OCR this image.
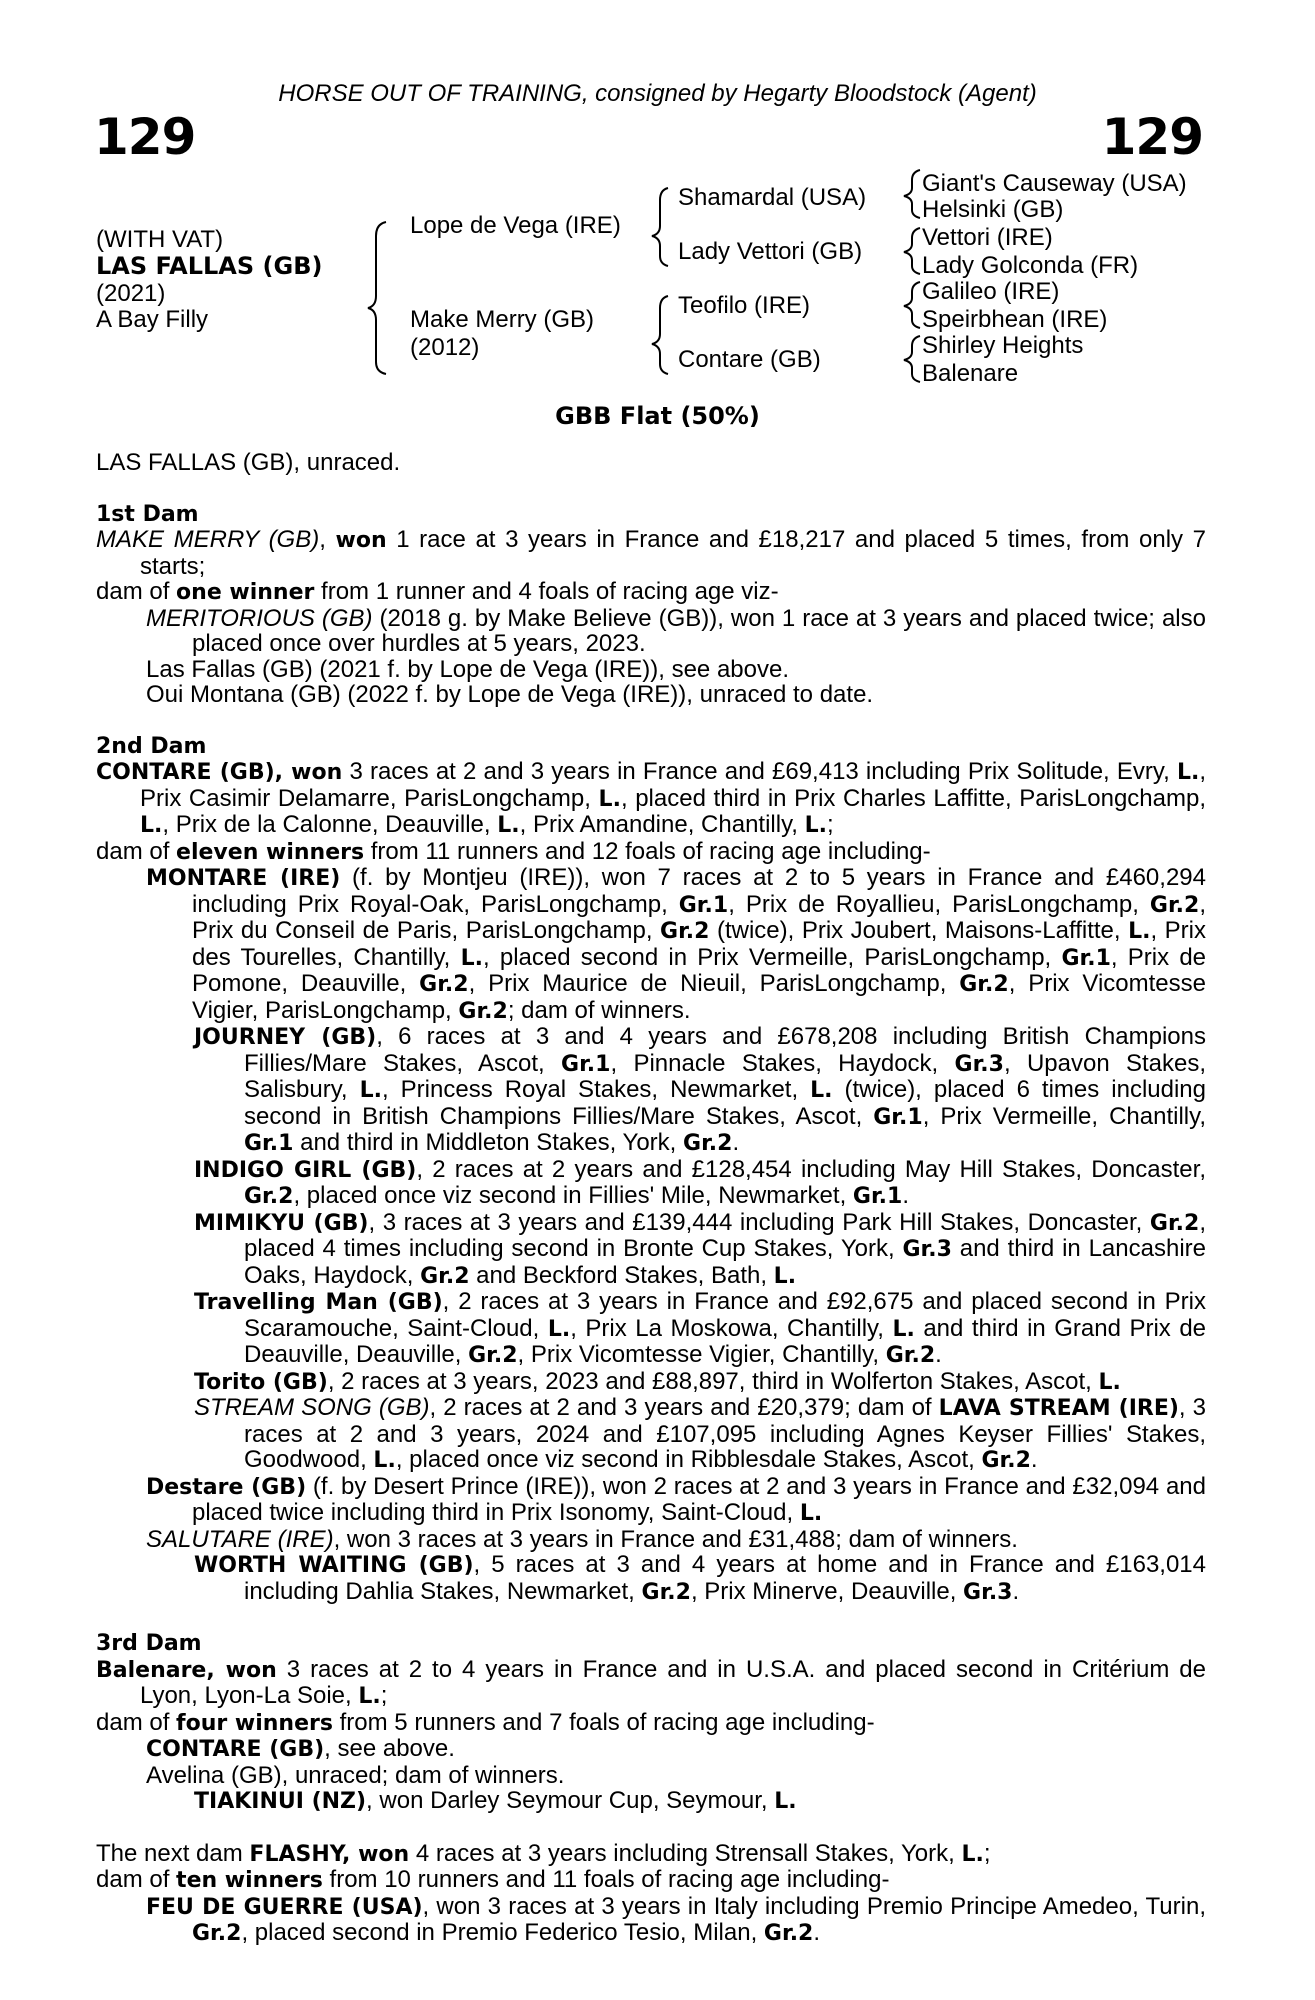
HORSE OUT OF TRAINING, consigned by Hegarty Bloodstock (Agent)
129	129
(WITH VAT)
LAS FALLAS (GB)
(2021)
A Bay Filly
Lope de Vega (IRE)
Make Merry (GB)
(2012)
Shamardal (USA)
Lady Vettori (GB)
Teofilo (IRE)
Contare (GB)
Giant's Causeway (USA)
Helsinki (GB)
Vettori (IRE)
Lady Golconda (FR)
Galileo (IRE)
Speirbhean (IRE)
Shirley Heights
Balenare
GBB Flat (50%)

LAS FALLAS (GB), unraced.

1st Dam

MAKE MERRY (GB), won 1 race at 3 years in France and £18,217 and placed 5 times, from only 7 starts;

dam of one winner from 1 runner and 4 foals of racing age viz-

MERITORIOUS (GB) (2018 g. by Make Believe (GB)), won 1 race at 3 years and placed twice; also placed once over hurdles at 5 years, 2023.

Las Fallas (GB) (2021 f. by Lope de Vega (IRE)), see above.

Oui Montana (GB) (2022 f. by Lope de Vega (IRE)), unraced to date.

2nd Dam

CONTARE (GB), won 3 races at 2 and 3 years in France and £69,413 including Prix Solitude, Evry, L., Prix Casimir Delamarre, ParisLongchamp, L., placed third in Prix Charles Laffitte, ParisLongchamp, L., Prix de la Calonne, Deauville, L., Prix Amandine, Chantilly, L.;

dam of eleven winners from 11 runners and 12 foals of racing age including-

MONTARE (IRE) (f. by Montjeu (IRE)), won 7 races at 2 to 5 years in France and £460,294 including Prix Royal-Oak, ParisLongchamp, Gr.1, Prix de Royallieu, ParisLongchamp, Gr.2, Prix du Conseil de Paris, ParisLongchamp, Gr.2 (twice), Prix Joubert, Maisons-Laffitte, L., Prix des Tourelles, Chantilly, L., placed second in Prix Vermeille, ParisLongchamp, Gr.1, Prix de Pomone, Deauville, Gr.2, Prix Maurice de Nieuil, ParisLongchamp, Gr.2, Prix Vicomtesse Vigier, ParisLongchamp, Gr.2; dam of winners.

JOURNEY (GB), 6 races at 3 and 4 years and £678,208 including British Champions Fillies/Mare Stakes, Ascot, Gr.1, Pinnacle Stakes, Haydock, Gr.3, Upavon Stakes, Salisbury, L., Princess Royal Stakes, Newmarket, L. (twice), placed 6 times including second in British Champions Fillies/Mare Stakes, Ascot, Gr.1, Prix Vermeille, Chantilly, Gr.1 and third in Middleton Stakes, York, Gr.2.

INDIGO GIRL (GB), 2 races at 2 years and £128,454 including May Hill Stakes, Doncaster, Gr.2, placed once viz second in Fillies' Mile, Newmarket, Gr.1.

MIMIKYU (GB), 3 races at 3 years and £139,444 including Park Hill Stakes, Doncaster, Gr.2, placed 4 times including second in Bronte Cup Stakes, York, Gr.3 and third in Lancashire Oaks, Haydock, Gr.2 and Beckford Stakes, Bath, L.

Travelling Man (GB), 2 races at 3 years in France and £92,675 and placed second in Prix Scaramouche, Saint-Cloud, L., Prix La Moskowa, Chantilly, L. and third in Grand Prix de Deauville, Deauville, Gr.2, Prix Vicomtesse Vigier, Chantilly, Gr.2.

Torito (GB), 2 races at 3 years, 2023 and £88,897, third in Wolferton Stakes, Ascot, L.

STREAM SONG (GB), 2 races at 2 and 3 years and £20,379; dam of LAVA STREAM (IRE), 3 races at 2 and 3 years, 2024 and £107,095 including Agnes Keyser Fillies' Stakes, Goodwood, L., placed once viz second in Ribblesdale Stakes, Ascot, Gr.2.

Destare (GB) (f. by Desert Prince (IRE)), won 2 races at 2 and 3 years in France and £32,094 and placed twice including third in Prix Isonomy, Saint-Cloud, L.

SALUTARE (IRE), won 3 races at 3 years in France and £31,488; dam of winners.

WORTH WAITING (GB), 5 races at 3 and 4 years at home and in France and £163,014 including Dahlia Stakes, Newmarket, Gr.2, Prix Minerve, Deauville, Gr.3.

3rd Dam

Balenare, won 3 races at 2 to 4 years in France and in U.S.A. and placed second in Critérium de Lyon, Lyon-La Soie, L.;

dam of four winners from 5 runners and 7 foals of racing age including-

CONTARE (GB), see above.

Avelina (GB), unraced; dam of winners.

TIAKINUI (NZ), won Darley Seymour Cup, Seymour, L.

The next dam FLASHY, won 4 races at 3 years including Strensall Stakes, York, L.;

dam of ten winners from 10 runners and 11 foals of racing age including-

FEU DE GUERRE (USA), won 3 races at 3 years in Italy including Premio Principe Amedeo, Turin, Gr.2, placed second in Premio Federico Tesio, Milan, Gr.2.
